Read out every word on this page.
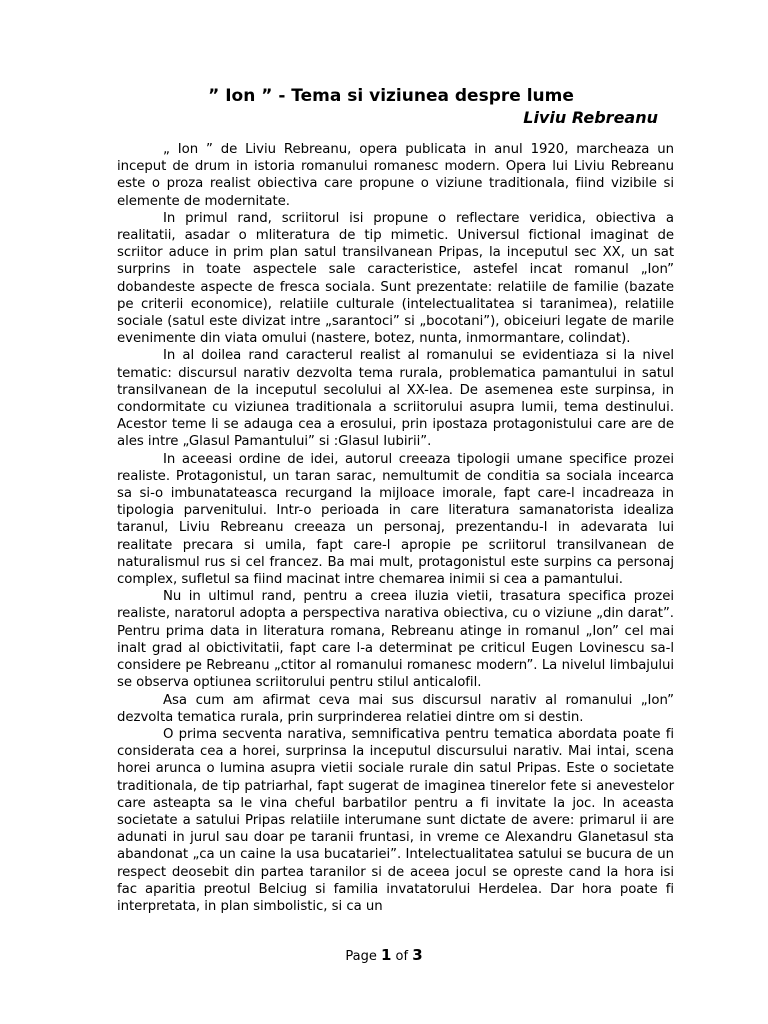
” Ion ” - Tema si viziunea despre lume
Liviu Rebreanu

„ Ion ” de Liviu Rebreanu, opera publicata in anul 1920, marcheaza un inceput de drum in istoria romanului romanesc modern. Opera lui Liviu Rebreanu este o proza realist obiectiva care propune o viziune traditionala, fiind vizibile si elemente de modernitate.

In primul rand, scriitorul isi propune o reflectare veridica, obiectiva a realitatii, asadar o mliteratura de tip mimetic. Universul fictional imaginat de scriitor aduce in prim plan satul transilvanean Pripas, la inceputul sec XX, un sat surprins in toate aspectele sale caracteristice, astefel incat romanul „Ion” dobandeste aspecte de fresca sociala. Sunt prezentate: relatiile de familie (bazate pe criterii economice), relatiile culturale (intelectualitatea si taranimea), relatiile sociale (satul este divizat intre „sarantoci” si „bocotani”), obiceiuri legate de marile evenimente din viata omului (nastere, botez, nunta, inmormantare, colindat).

In al doilea rand caracterul realist al romanului se evidentiaza si la nivel tematic: discursul narativ dezvolta tema rurala, problematica pamantului in satul transilvanean de la inceputul secolului al XX-lea. De asemenea este surpinsa, in condormitate cu viziunea traditionala a scriitorului asupra lumii, tema destinului. Acestor teme li se adauga cea a erosului, prin ipostaza protagonistului care are de ales intre „Glasul Pamantului” si :Glasul Iubirii”.

In aceeasi ordine de idei, autorul creeaza tipologii umane specifice prozei realiste. Protagonistul, un taran sarac, nemultumit de conditia sa sociala incearca sa si-o imbunatateasca recurgand la mijloace imorale, fapt care-l incadreaza in tipologia parvenitului. Intr-o perioada in care literatura samanatorista idealiza taranul, Liviu Rebreanu creeaza un personaj, prezentandu-l in adevarata lui realitate precara si umila, fapt care-l apropie pe scriitorul transilvanean de naturalismul rus si cel francez. Ba mai mult, protagonistul este surpins ca personaj complex, sufletul sa fiind macinat intre chemarea inimii si cea a pamantului.

Nu in ultimul rand, pentru a creea iluzia vietii, trasatura specifica prozei realiste, naratorul adopta a perspectiva narativa obiectiva, cu o viziune „din darat”. Pentru prima data in literatura romana, Rebreanu atinge in romanul „Ion” cel mai inalt grad al obictivitatii, fapt care l-a determinat pe criticul Eugen Lovinescu sa-l considere pe Rebreanu „ctitor al romanului romanesc modern”. La nivelul limbajului se observa optiunea scriitorului pentru stilul anticalofil.

Asa cum am afirmat ceva mai sus discursul narativ al romanului „Ion” dezvolta tematica rurala, prin surprinderea relatiei dintre om si destin.

O prima secventa narativa, semnificativa pentru tematica abordata poate fi considerata cea a horei, surprinsa la inceputul discursului narativ. Mai intai, scena horei arunca o lumina asupra vietii sociale rurale din satul Pripas. Este o societate traditionala, de tip patriarhal, fapt sugerat de imaginea tinerelor fete si anevestelor care asteapta sa le vina cheful barbatilor pentru a fi invitate la joc. In aceasta societate a satului Pripas relatiile interumane sunt dictate de avere: primarul ii are adunati in jurul sau doar pe taranii fruntasi, in vreme ce Alexandru Glanetasul sta abandonat „ca un caine la usa bucatariei”. Intelectualitatea satului se bucura de un respect deosebit din partea taranilor si de aceea jocul se opreste cand la hora isi fac aparitia preotul Belciug si familia invatatorului Herdelea. Dar hora poate fi interpretata, in plan simbolistic, si ca un

Page 1 of 3
